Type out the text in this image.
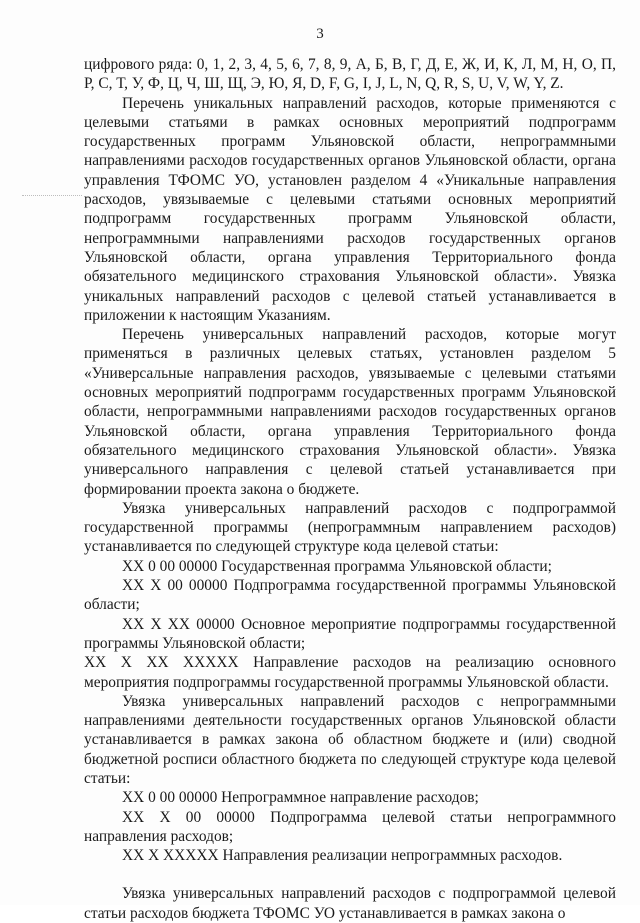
3

цифрового ряда: 0, 1, 2, 3, 4, 5, 6, 7, 8, 9, А, Б, В, Г, Д, Е, Ж, И, К, Л, М, Н, О, П, Р, С, Т, У, Ф, Ц, Ч, Ш, Щ, Э, Ю, Я, D, F, G, I, J, L, N, Q, R, S, U, V, W, Y, Z.

Перечень уникальных направлений расходов, которые применяются с целевыми статьями в рамках основных мероприятий подпрограмм государственных программ Ульяновской области, непрограммными направлениями расходов государственных органов Ульяновской области, органа управления ТФОМС УО, установлен разделом 4 «Уникальные направления расходов, увязываемые с целевыми статьями основных мероприятий подпрограмм государственных программ Ульяновской области, непрограммными направлениями расходов государственных органов Ульяновской области, органа управления Территориального фонда обязательного медицинского страхования Ульяновской области». Увязка уникальных направлений расходов с целевой статьей устанавливается в приложении к настоящим Указаниям.

Перечень универсальных направлений расходов, которые могут применяться в различных целевых статьях, установлен разделом 5 «Универсальные направления расходов, увязываемые с целевыми статьями основных мероприятий подпрограмм государственных программ Ульяновской области, непрограммными направлениями расходов государственных органов Ульяновской области, органа управления Территориального фонда обязательного медицинского страхования Ульяновской области». Увязка универсального направления с целевой статьей устанавливается при формировании проекта закона о бюджете.

Увязка универсальных направлений расходов с подпрограммой государственной программы (непрограммным направлением расходов) устанавливается по следующей структуре кода целевой статьи:

ХХ 0 00 00000 Государственная программа Ульяновской области;

ХХ Х 00 00000 Подпрограмма государственной программы Ульяновской области;

ХХ Х ХХ 00000 Основное мероприятие подпрограммы государственной программы Ульяновской области;

ХХ Х ХХ ХХХХХ Направление расходов на реализацию основного мероприятия подпрограммы государственной программы Ульяновской области.

Увязка универсальных направлений расходов с непрограммными направлениями деятельности государственных органов Ульяновской области устанавливается в рамках закона об областном бюджете и (или) сводной бюджетной росписи областного бюджета по следующей структуре кода целевой статьи:

ХХ 0 00 00000 Непрограммное направление расходов;

ХХ Х 00 00000 Подпрограмма целевой статьи непрограммного направления расходов;

ХХ Х ХХХХХ Направления реализации непрограммных расходов.

Увязка универсальных направлений расходов с подпрограммой целевой статьи расходов бюджета ТФОМС УО устанавливается в рамках закона о
